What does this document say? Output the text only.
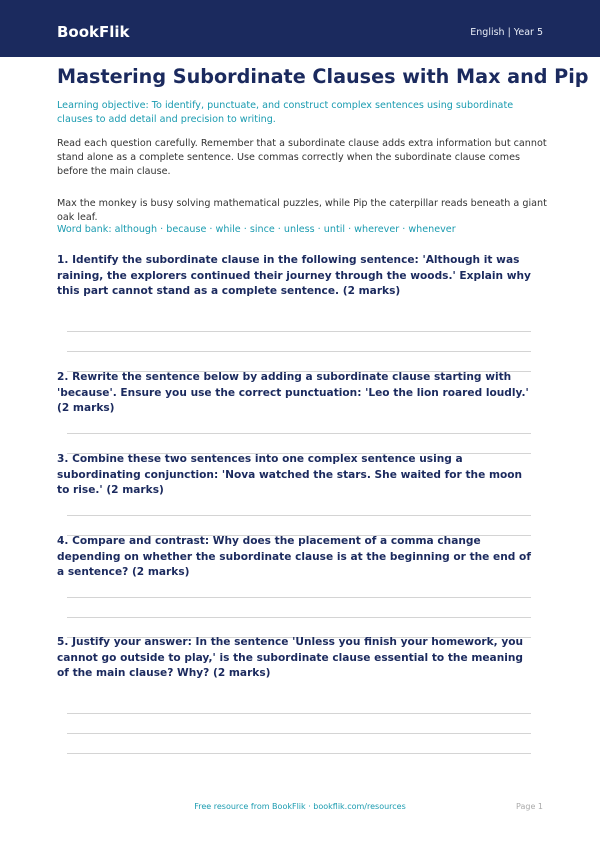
BookFlik	English | Year 5
Mastering Subordinate Clauses with Max and Pip
Learning objective: To identify, punctuate, and construct complex sentences using subordinate clauses to add detail and precision to writing.
Read each question carefully. Remember that a subordinate clause adds extra information but cannot stand alone as a complete sentence. Use commas correctly when the subordinate clause comes before the main clause.
Max the monkey is busy solving mathematical puzzles, while Pip the caterpillar reads beneath a giant oak leaf.
Word bank: although · because · while · since · unless · until · wherever · whenever
1. Identify the subordinate clause in the following sentence: 'Although it was raining, the explorers continued their journey through the woods.' Explain why this part cannot stand as a complete sentence. (2 marks)
2. Rewrite the sentence below by adding a subordinate clause starting with 'because'. Ensure you use the correct punctuation: 'Leo the lion roared loudly.' (2 marks)
3. Combine these two sentences into one complex sentence using a subordinating conjunction: 'Nova watched the stars. She waited for the moon to rise.' (2 marks)
4. Compare and contrast: Why does the placement of a comma change depending on whether the subordinate clause is at the beginning or the end of a sentence? (2 marks)
5. Justify your answer: In the sentence 'Unless you finish your homework, you cannot go outside to play,' is the subordinate clause essential to the meaning of the main clause? Why? (2 marks)
Free resource from BookFlik · bookflik.com/resources	Page 1
